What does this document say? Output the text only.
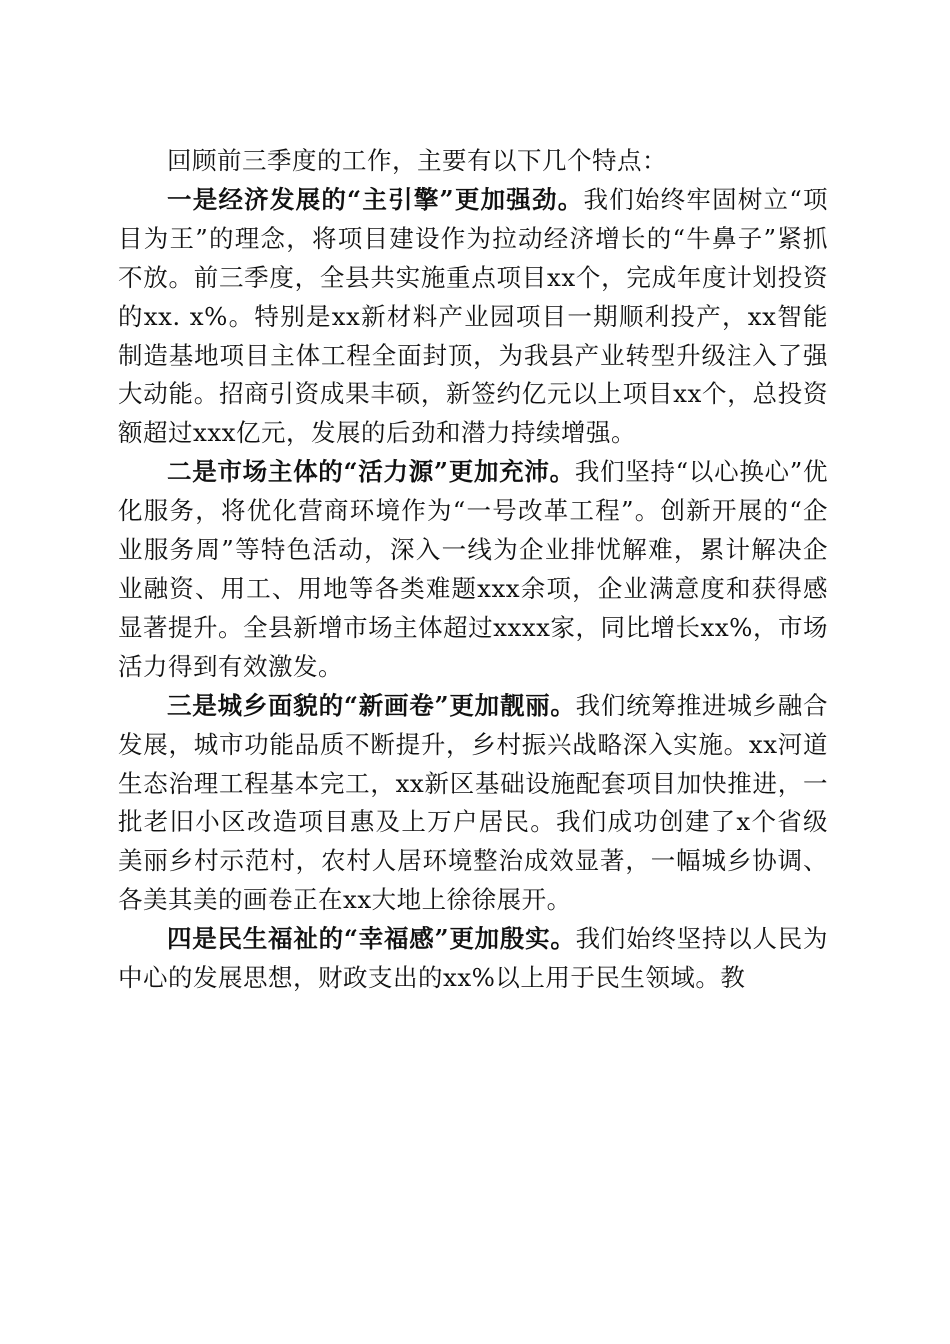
回顾前三季度的工作，主要有以下几个特点：

一是经济发展的“主引擎”更加强劲。我们始终牢固树立“项目为王”的理念，将项目建设作为拉动经济增长的“牛鼻子”紧抓不放。前三季度，全县共实施重点项目xx个，完成年度计划投资的xx. x%。特别是xx新材料产业园项目一期顺利投产，xx智能制造基地项目主体工程全面封顶，为我县产业转型升级注入了强大动能。招商引资成果丰硕，新签约亿元以上项目xx个，总投资额超过xxx亿元，发展的后劲和潜力持续增强。

二是市场主体的“活力源”更加充沛。我们坚持“以心换心”优化服务，将优化营商环境作为“一号改革工程”。创新开展的“企业服务周”等特色活动，深入一线为企业排忧解难，累计解决企业融资、用工、用地等各类难题xxx余项，企业满意度和获得感显著提升。全县新增市场主体超过xxxx家，同比增长xx%，市场活力得到有效激发。

三是城乡面貌的“新画卷”更加靓丽。我们统筹推进城乡融合发展，城市功能品质不断提升，乡村振兴战略深入实施。xx河道生态治理工程基本完工，xx新区基础设施配套项目加快推进，一批老旧小区改造项目惠及上万户居民。我们成功创建了x个省级美丽乡村示范村，农村人居环境整治成效显著，一幅城乡协调、各美其美的画卷正在xx大地上徐徐展开。

四是民生福祉的“幸福感”更加殷实。我们始终坚持以人民为中心的发展思想，财政支出的xx%以上用于民生领域。教
